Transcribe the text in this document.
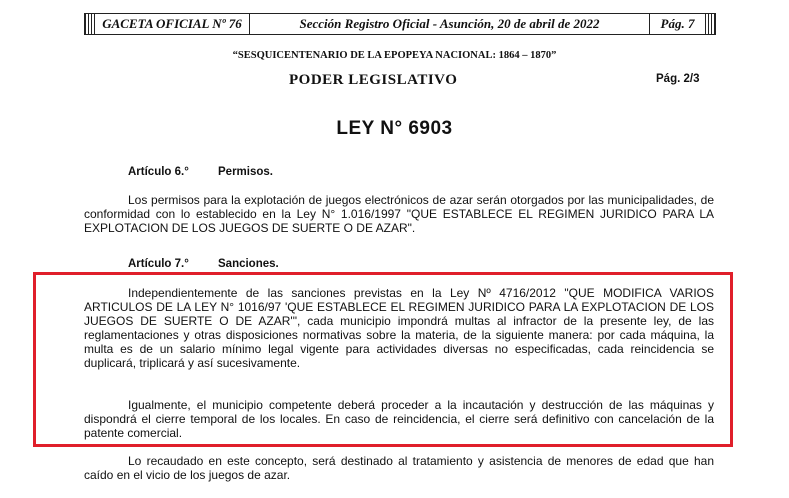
GACETA OFICIAL Nº 76	Sección Registro Oficial - Asunción, 20 de abril de 2022	Pág. 7
“SESQUICENTENARIO DE LA EPOPEYA NACIONAL: 1864 – 1870”
PODER LEGISLATIVO	Pág. 2/3
LEY N° 6903
Artículo 6.°	Permisos.
Los permisos para la explotación de juegos electrónicos de azar serán otorgados por las municipalidades, de conformidad con lo establecido en la Ley N° 1.016/1997 "QUE ESTABLECE EL REGIMEN JURIDICO PARA LA EXPLOTACION DE LOS JUEGOS DE SUERTE O DE AZAR".
Artículo 7.°	Sanciones.
Independientemente de las sanciones previstas en la Ley Nº 4716/2012 "QUE MODIFICA VARIOS ARTICULOS DE LA LEY N° 1016/97 'QUE ESTABLECE EL REGIMEN JURIDICO PARA LA EXPLOTACION DE LOS JUEGOS DE SUERTE O DE AZAR'", cada municipio impondrá multas al infractor de la presente ley, de las reglamentaciones y otras disposiciones normativas sobre la materia, de la siguiente manera: por cada máquina, la multa es de un salario mínimo legal vigente para actividades diversas no especificadas, cada reincidencia se duplicará, triplicará y así sucesivamente.
Igualmente, el municipio competente deberá proceder a la incautación y destrucción de las máquinas y dispondrá el cierre temporal de los locales. En caso de reincidencia, el cierre será definitivo con cancelación de la patente comercial.
Lo recaudado en este concepto, será destinado al tratamiento y asistencia de menores de edad que han caído en el vicio de los juegos de azar.
